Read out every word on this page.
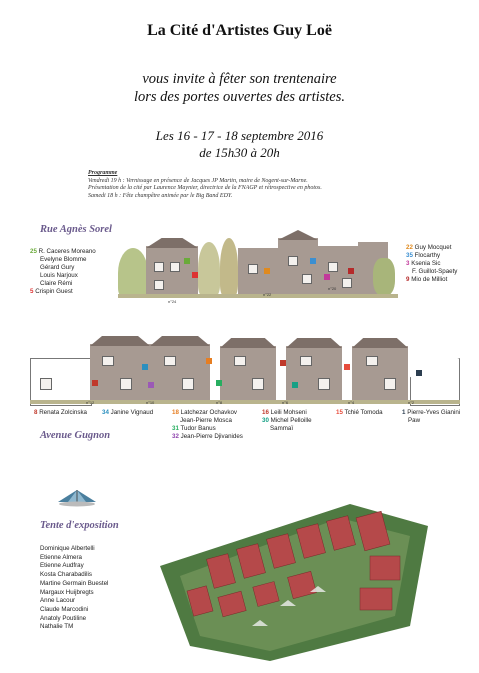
La Cité d'Artistes Guy Loë
vous invite à fêter son trentenaire
lors des portes ouvertes des artistes.
Les 16 - 17 - 18 septembre 2016
de 15h30 à 20h
Programme
Vendredi 19 h : Vernissage en présence de Jacques JP Martin, maire de Nogent-sur-Marne.
Présentation de la cité par Laurence Maynier, directrice de la FNAGP et rétrospective en photos.
Samedi 18 h : Fête champêtre animée par le Big Band EDY.
Rue Agnès Sorel
25 R. Caceres Moreano
Evelyne Blomme
Gérard Gury
Louis Narjoux
Claire Rémi
5 Crispin Guest
n°24
n°22
n°20
22 Guy Mocquet
35 Flocarthy
3 Ksenia Sic
F. Guillot-Spaety
9 Mio de Milliot
n°12	n°10	n°8	n°6	n°4	n°2
8 Renata Zolcinska 34 Janine Vignaud	18 Latchezar Ochavkov
Jean-Pierre Mosca
31 Tudor Banus
32 Jean-Pierre Djivanides
16 Leili Mohseni
30 Michel Pelloille
Sammaï
15 Tchié Tomoda	1 Pierre-Yves Gianini
Paw
Avenue Gugnon
Tente d'exposition
Dominique Albertelli
Etienne Almera
Etienne Audfray
Kosta Charabadilis
Martine Germain Buestel
Margaux Huijbregts
Anne Lacour
Claude Marcodini
Anatoly Poutiline
Nathalie TM
